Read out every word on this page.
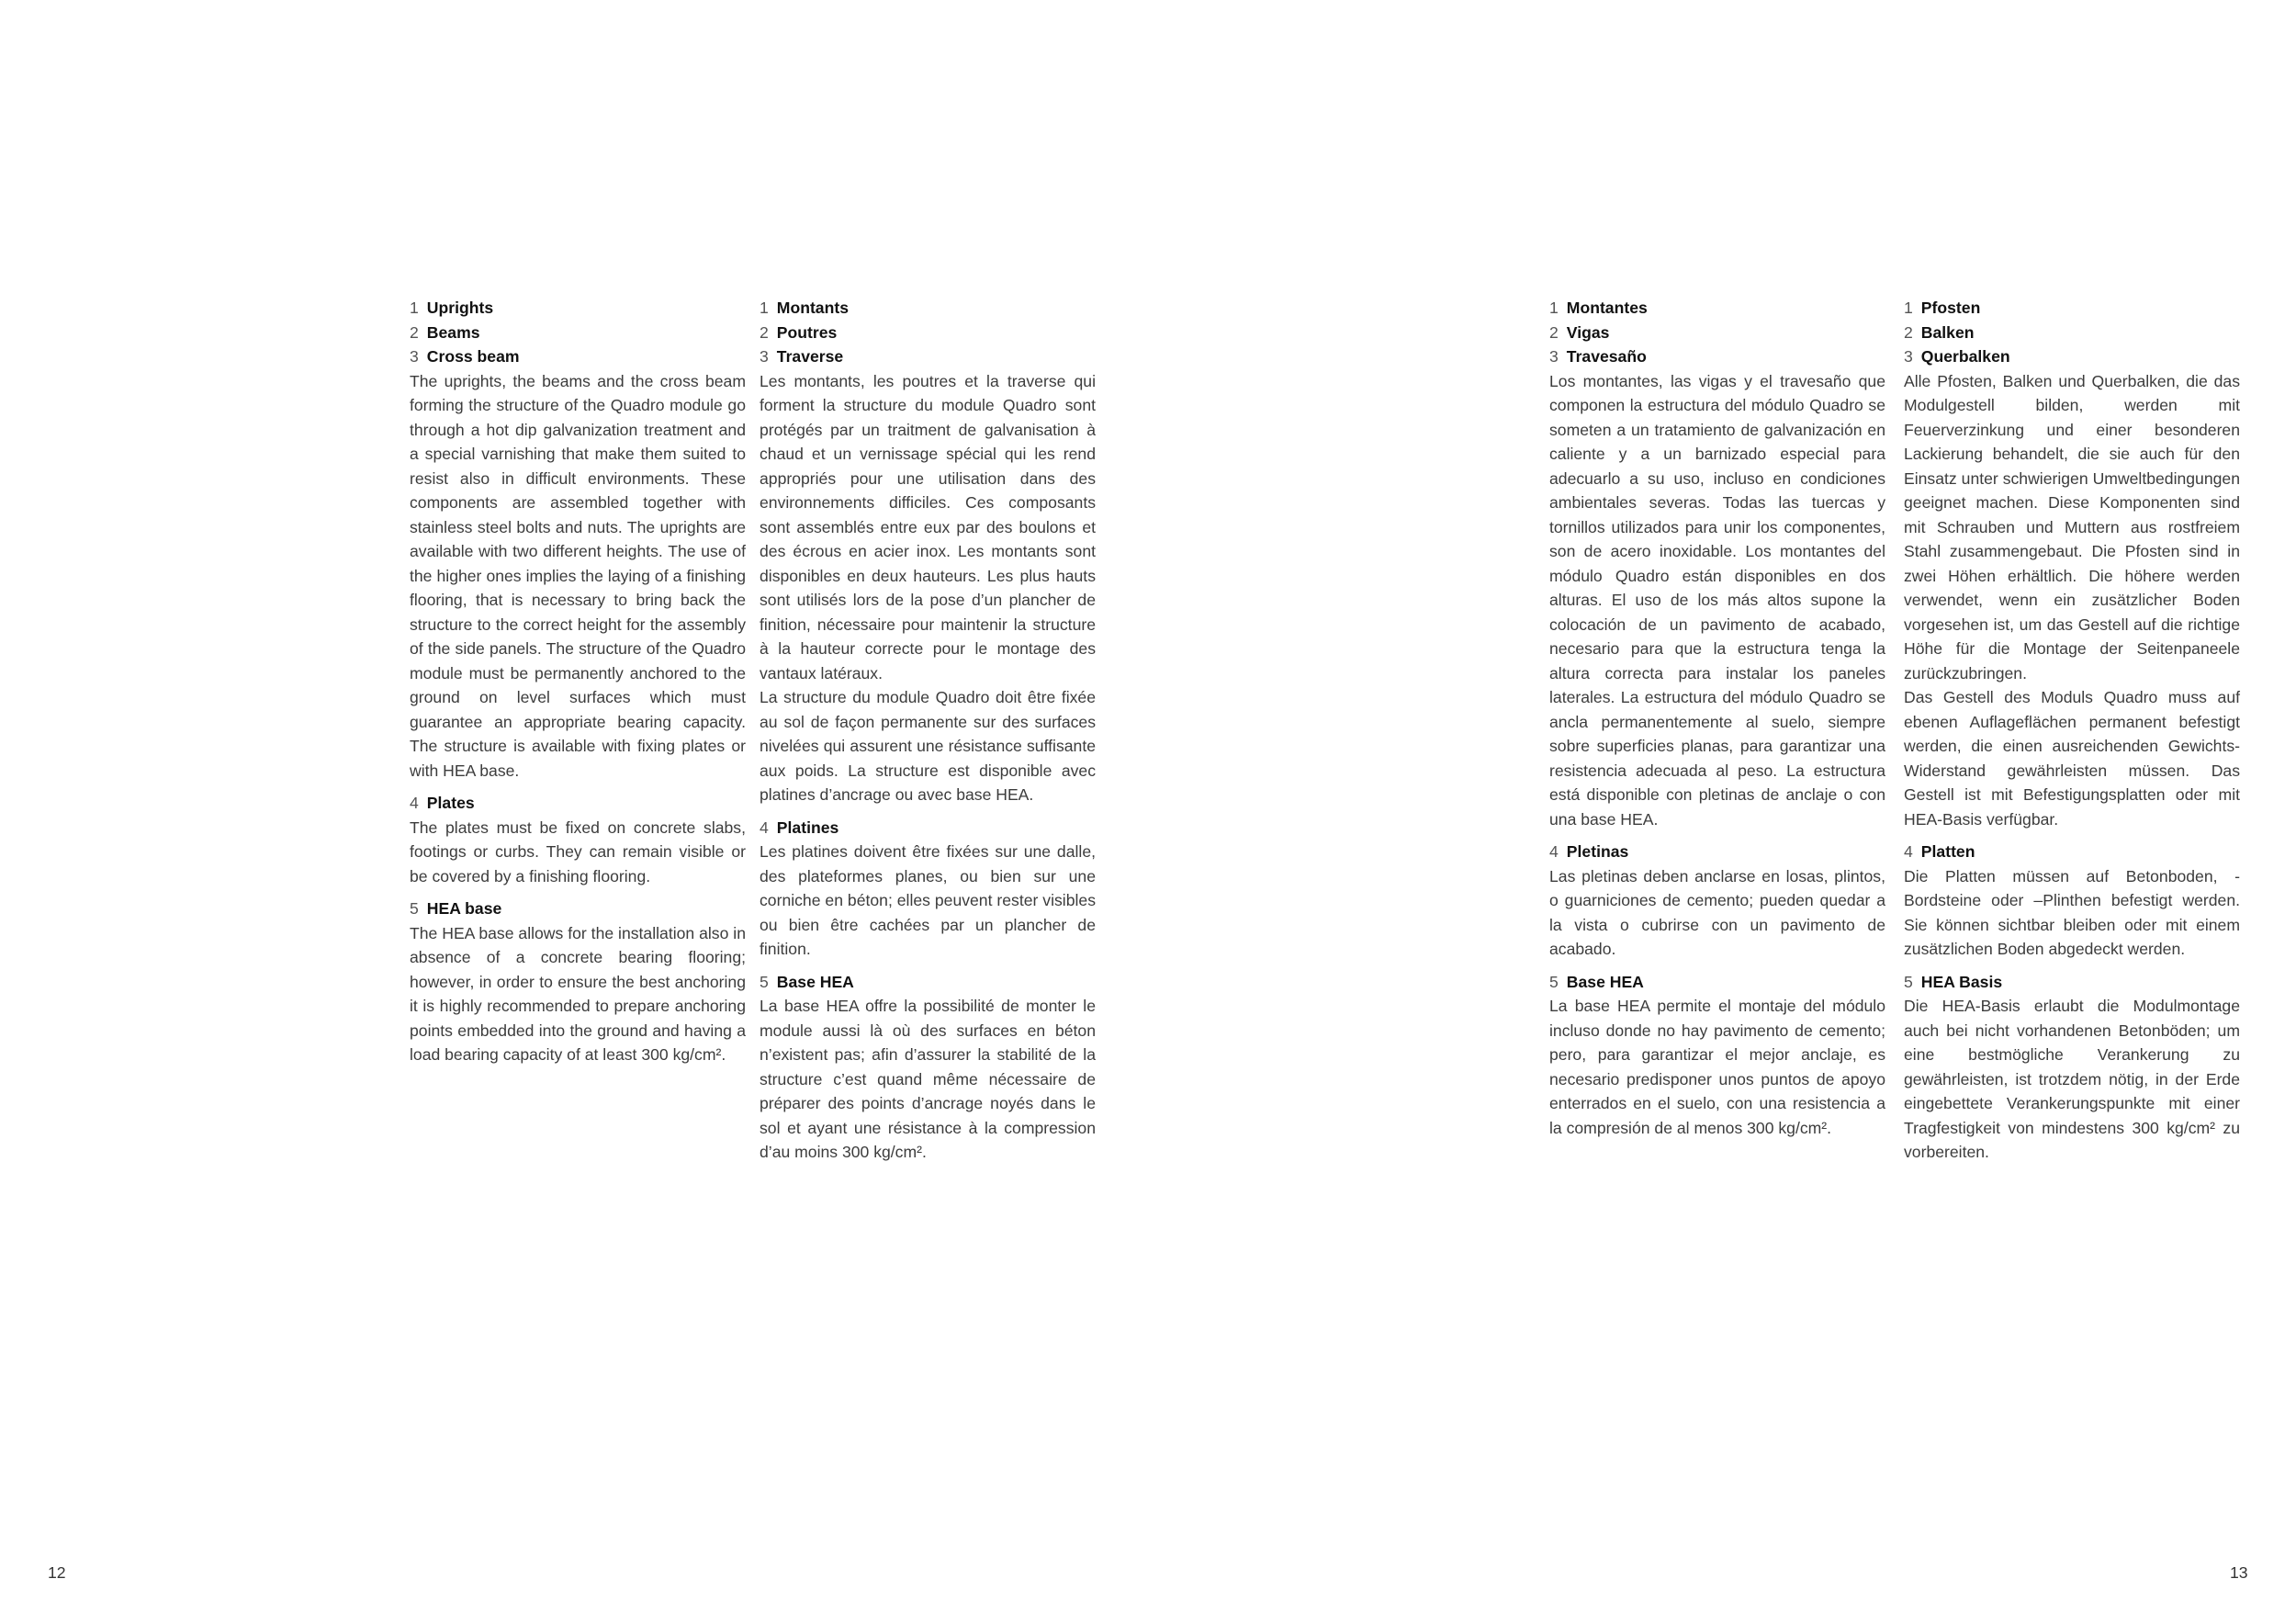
1 Uprights
2 Beams
3 Cross beam

The uprights, the beams and the cross beam forming the structure of the Quadro module go through a hot dip galvanization treatment and a special varnishing that make them suited to resist also in difficult environments. These components are assembled together with stainless steel bolts and nuts. The uprights are available with two different heights. The use of the higher ones implies the laying of a finishing flooring, that is necessary to bring back the structure to the correct height for the assembly of the side panels. The structure of the Quadro module must be permanently anchored to the ground on level surfaces which must guarantee an appropriate bearing capacity. The structure is available with fixing plates or with HEA base.

4 Plates

The plates must be fixed on concrete slabs, footings or curbs. They can remain visible or be covered by a finishing flooring.

5 HEA base

The HEA base allows for the installation also in absence of a concrete bearing flooring; however, in order to ensure the best anchoring it is highly recommended to prepare anchoring points embedded into the ground and having a load bearing capacity of at least 300 kg/cm².

1 Montants
2 Poutres
3 Traverse

Les montants, les poutres et la traverse qui forment la structure du module Quadro sont protégés par un traitment de galvanisation à chaud et un vernissage spécial qui les rend appropriés pour une utilisation dans des environnements difficiles. Ces composants sont assemblés entre eux par des boulons et des écrous en acier inox. Les montants sont disponibles en deux hauteurs. Les plus hauts sont utilisés lors de la pose d’un plancher de finition, nécessaire pour maintenir la structure à la hauteur correcte pour le montage des vantaux latéraux.

La structure du module Quadro doit être fixée au sol de façon permanente sur des surfaces nivelées qui assurent une résistance suffisante aux poids. La structure est disponible avec platines d’ancrage ou avec base HEA.

4 Platines

Les platines doivent être fixées sur une dalle, des plateformes planes, ou bien sur une corniche en béton; elles peuvent rester visibles ou bien être cachées par un plancher de finition.

5 Base HEA

La base HEA offre la possibilité de monter le module aussi là où des surfaces en béton n’existent pas; afin d’assurer la stabilité de la structure c’est quand même nécessaire de préparer des points d’ancrage noyés dans le sol et ayant une résistance à la compression d’au moins 300 kg/cm².

1 Montantes
2 Vigas
3 Travesaño

Los montantes, las vigas y el travesaño que componen la estructura del módulo Quadro se someten a un tratamiento de galvanización en caliente y a un barnizado especial para adecuarlo a su uso, incluso en condiciones ambientales severas. Todas las tuercas y tornillos utilizados para unir los componentes, son de acero inoxidable. Los montantes del módulo Quadro están disponibles en dos alturas. El uso de los más altos supone la colocación de un pavimento de acabado, necesario para que la estructura tenga la altura correcta para instalar los paneles laterales. La estructura del módulo Quadro se ancla permanentemente al suelo, siempre sobre superficies planas, para garantizar una resistencia adecuada al peso. La estructura está disponible con pletinas de anclaje o con una base HEA.

4 Pletinas

Las pletinas deben anclarse en losas, plintos, o guarniciones de cemento; pueden quedar a la vista o cubrirse con un pavimento de acabado.

5 Base HEA

La base HEA permite el montaje del módulo incluso donde no hay pavimento de cemento; pero, para garantizar el mejor anclaje, es necesario predisponer unos puntos de apoyo enterrados en el suelo, con una resistencia a la compresión de al menos 300 kg/cm².

1 Pfosten
2 Balken
3 Querbalken

Alle Pfosten, Balken und Querbalken, die das Modulgestell bilden, werden mit Feuerverzinkung und einer besonderen Lackierung behandelt, die sie auch für den Einsatz unter schwierigen Umweltbedingungen geeignet machen. Diese Komponenten sind mit Schrauben und Muttern aus rostfreiem Stahl zusammengebaut. Die Pfosten sind in zwei Höhen erhältlich. Die höhere werden verwendet, wenn ein zusätzlicher Boden vorgesehen ist, um das Gestell auf die richtige Höhe für die Montage der Seitenpaneele zurückzubringen.

Das Gestell des Moduls Quadro muss auf ebenen Auflageflächen permanent befestigt werden, die einen ausreichenden Gewichts-Widerstand gewährleisten müssen. Das Gestell ist mit Befestigungsplatten oder mit HEA-Basis verfügbar.

4 Platten

Die Platten müssen auf Betonboden, -Bordsteine oder –Plinthen befestigt werden. Sie können sichtbar bleiben oder mit einem zusätzlichen Boden abgedeckt werden.

5 HEA Basis

Die HEA-Basis erlaubt die Modulmontage auch bei nicht vorhandenen Betonböden; um eine bestmögliche Verankerung zu gewährleisten, ist trotzdem nötig, in der Erde eingebettete Verankerungspunkte mit einer Tragfestigkeit von mindestens 300 kg/cm² zu vorbereiten.

12	13
